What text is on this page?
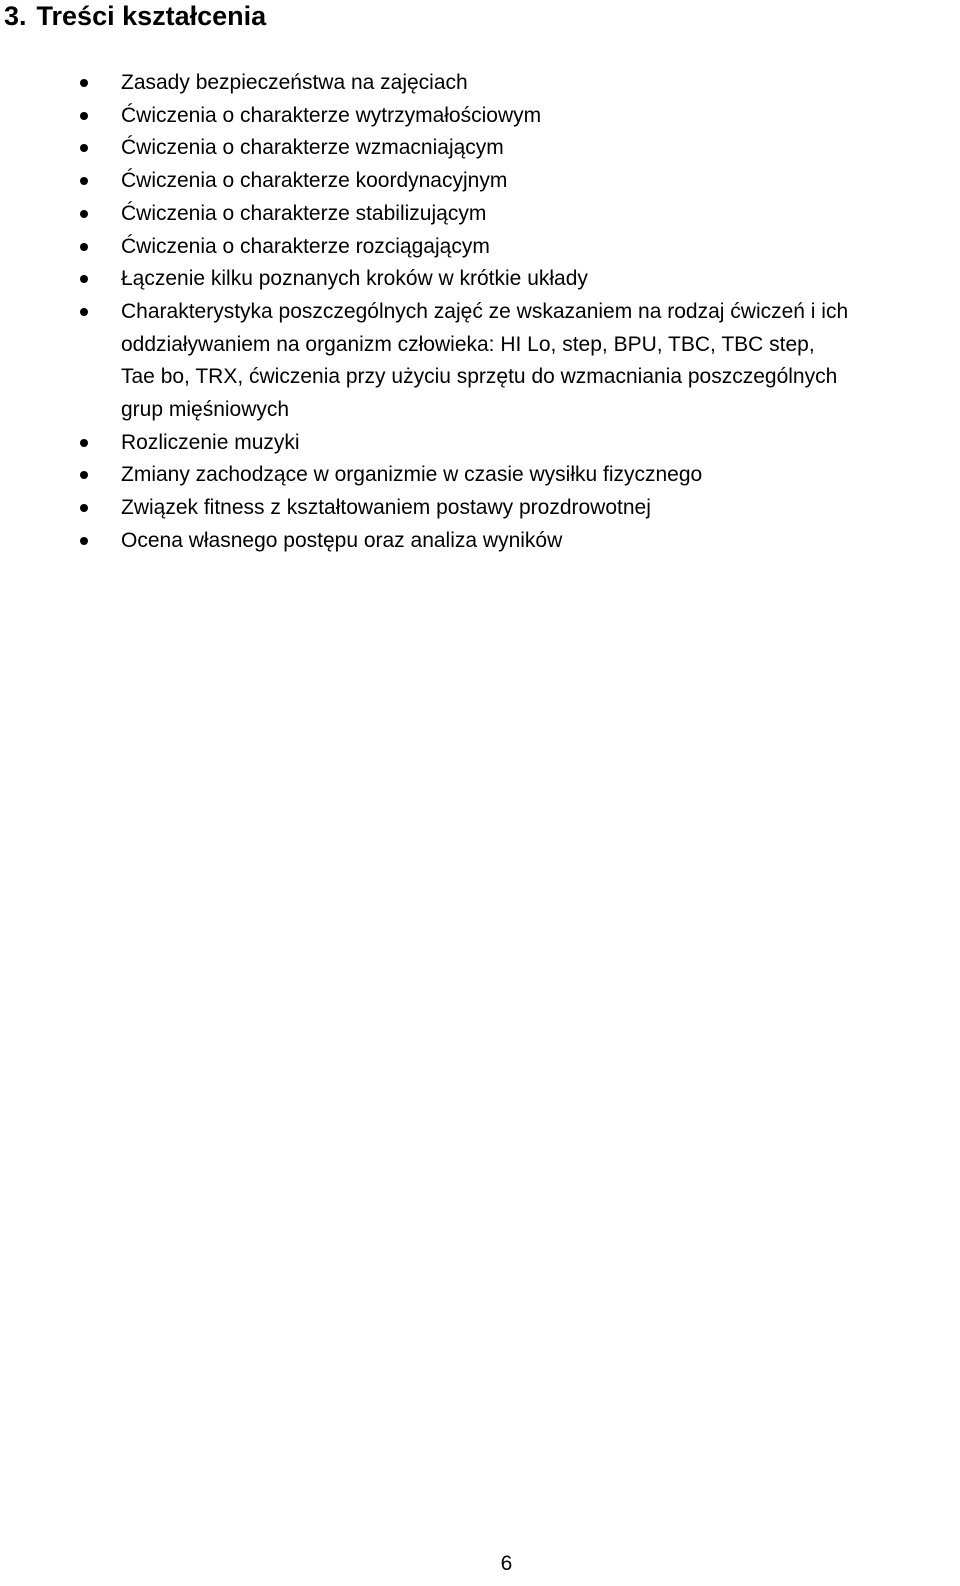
3. Treści kształcenia
Zasady bezpieczeństwa na zajęciach
Ćwiczenia o charakterze wytrzymałościowym
Ćwiczenia o charakterze wzmacniającym
Ćwiczenia o charakterze koordynacyjnym
Ćwiczenia o charakterze stabilizującym
Ćwiczenia o charakterze rozciągającym
Łączenie kilku poznanych kroków w krótkie układy
Charakterystyka poszczególnych zajęć ze wskazaniem na rodzaj ćwiczeń i ich
oddziaływaniem na organizm człowieka: HI Lo, step, BPU, TBC, TBC step,
Tae bo, TRX, ćwiczenia przy użyciu sprzętu do wzmacniania poszczególnych
grup mięśniowych
Rozliczenie muzyki
Zmiany zachodzące w organizmie w czasie wysiłku fizycznego
Związek fitness z kształtowaniem postawy prozdrowotnej
Ocena własnego postępu oraz analiza wyników
6
